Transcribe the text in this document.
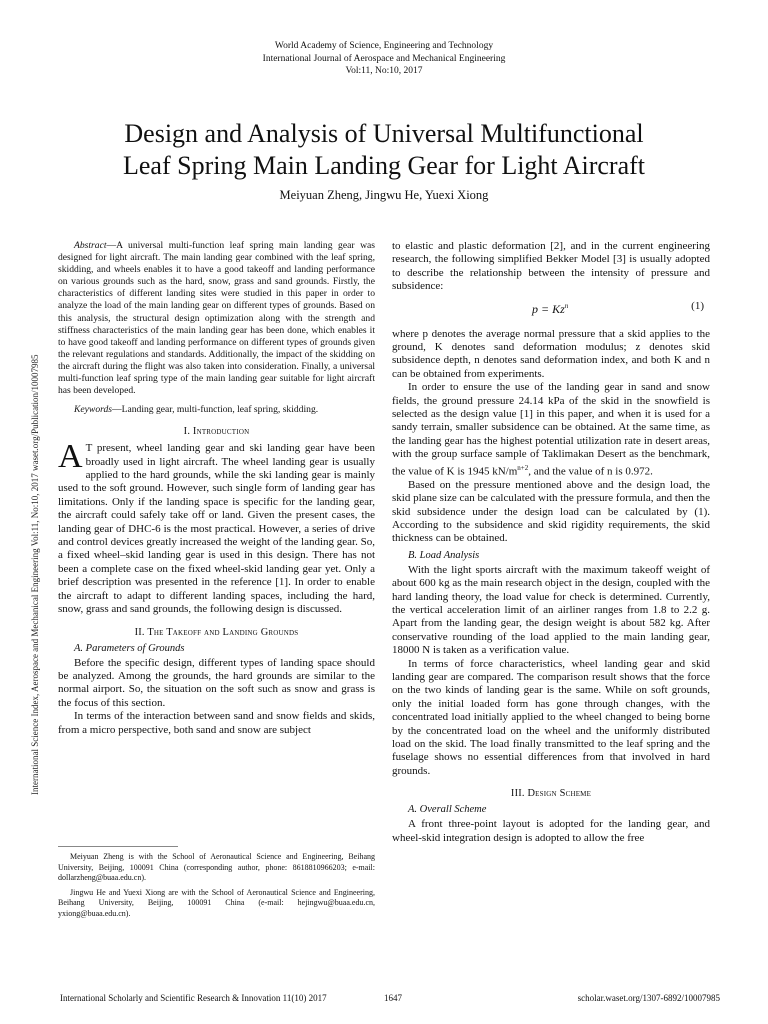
World Academy of Science, Engineering and Technology
International Journal of Aerospace and Mechanical Engineering
Vol:11, No:10, 2017
Design and Analysis of Universal Multifunctional
Leaf Spring Main Landing Gear for Light Aircraft
Meiyuan Zheng, Jingwu He, Yuexi Xiong
International Science Index, Aerospace and Mechanical Engineering Vol:11, No:10, 2017 waset.org/Publication/10007985

Abstract—A universal multi-function leaf spring main landing gear was designed for light aircraft. The main landing gear combined with the leaf spring, skidding, and wheels enables it to have a good takeoff and landing performance on various grounds such as the hard, snow, grass and sand grounds. Firstly, the characteristics of different landing sites were studied in this paper in order to analyze the load of the main landing gear on different types of grounds. Based on this analysis, the structural design optimization along with the strength and stiffness characteristics of the main landing gear has been done, which enables it to have good takeoff and landing performance on different types of grounds given the relevant regulations and standards. Additionally, the impact of the skidding on the aircraft during the flight was also taken into consideration. Finally, a universal multi-function leaf spring type of the main landing gear suitable for light aircraft has been developed.

Keywords—Landing gear, multi-function, leaf spring, skidding.

I. Introduction

A T present, wheel landing gear and ski landing gear have been broadly used in light aircraft. The wheel landing gear is usually applied to the hard grounds, while the ski landing gear is mainly used to the soft ground. However, such single form of landing gear has limitations. Only if the landing space is specific for the landing gear, the aircraft could safely take off or land. Given the present cases, the landing gear of DHC-6 is the most practical. However, a series of drive and control devices greatly increased the weight of the landing gear. So, a fixed wheel–skid landing gear is used in this design. There has not been a complete case on the fixed wheel-skid landing gear yet. Only a brief description was presented in the reference [1]. In order to enable the aircraft to adapt to different landing spaces, including the hard, snow, grass and sand grounds, the following design is discussed.

II. The Takeoff and Landing Grounds
A. Parameters of Grounds

Before the specific design, different types of landing space should be analyzed. Among the grounds, the hard grounds are similar to the normal airport. So, the situation on the soft such as snow and grass is the focus of this section.

In terms of the interaction between sand and snow fields and skids, from a micro perspective, both sand and snow are subject

Meiyuan Zheng is with the School of Aeronautical Science and Engineering, Beihang University, Beijing, 100091 China (corresponding author, phone: 8618810966203; e-mail: dollarzheng@buaa.edu.cn).

Jingwu He and Yuexi Xiong are with the School of Aeronautical Science and Engineering, Beihang University, Beijing, 100091 China (e-mail: hejingwu@buaa.edu.cn, yxiong@buaa.edu.cn).

to elastic and plastic deformation [2], and in the current engineering research, the following simplified Bekker Model [3] is usually adopted to describe the relationship between the intensity of pressure and subsidence:

$p = Kz^n$	(1)

where p denotes the average normal pressure that a skid applies to the ground, K denotes sand deformation modulus; z denotes skid subsidence depth, n denotes sand deformation index, and both K and n can be obtained from experiments.

In order to ensure the use of the landing gear in sand and snow fields, the ground pressure 24.14 kPa of the skid in the snowfield is selected as the design value [1] in this paper, and when it is used for a sandy terrain, smaller subsidence can be obtained. At the same time, as the landing gear has the highest potential utilization rate in desert areas, with the group surface sample of Taklimakan Desert as the benchmark, the value of K is 1945 $kN/m^{n+2}$, and the value of n is 0.972.

Based on the pressure mentioned above and the design load, the skid plane size can be calculated with the pressure formula, and then the skid subsidence under the design load can be calculated by (1). According to the subsidence and skid rigidity requirements, the skid thickness can be obtained.

B. Load Analysis

With the light sports aircraft with the maximum takeoff weight of about 600 kg as the main research object in the design, coupled with the hard landing theory, the load value for check is determined. Currently, the vertical acceleration limit of an airliner ranges from 1.8 to 2.2 g. Apart from the landing gear, the design weight is about 582 kg. After conservative rounding of the load applied to the main landing gear, 18000 N is taken as a verification value.

In terms of force characteristics, wheel landing gear and skid landing gear are compared. The comparison result shows that the force on the two kinds of landing gear is the same. While on soft grounds, only the initial loaded form has gone through changes, with the concentrated load initially applied to the wheel changed to being borne by the concentrated load on the wheel and the uniformly distributed load on the skid. The load finally transmitted to the leaf spring and the fuselage shows no essential differences from that involved in hard grounds.

III. Design Scheme
A. Overall Scheme

A front three-point layout is adopted for the landing gear, and wheel-skid integration design is adopted to allow the free

International Scholarly and Scientific Research & Innovation 11(10) 2017	1647	scholar.waset.org/1307-6892/10007985
